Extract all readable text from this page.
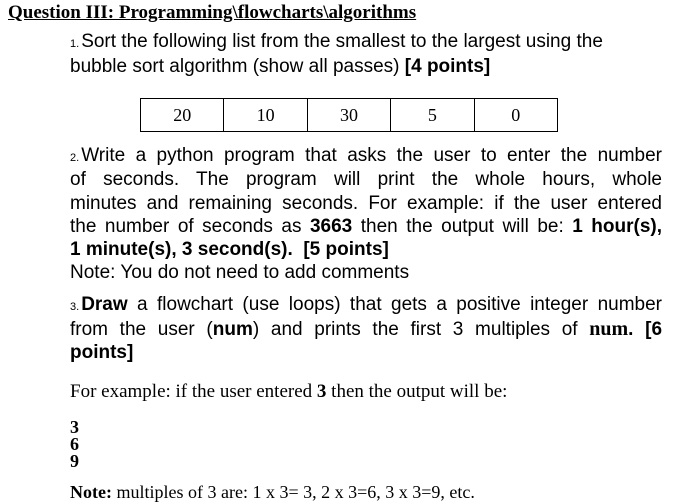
Question III: Programming\flowcharts\algorithms
1. Sort the following list from the smallest to the largest using the
bubble sort algorithm (show all passes) [4 points]
20	10	30	5	0
2. Write a python program that asks the user to enter the number
of seconds. The program will print the whole hours, whole
minutes and remaining seconds. For example: if the user entered
the number of seconds as 3663 then the output will be: 1 hour(s),
1 minute(s), 3 second(s). [5 points]
Note: You do not need to add comments
3. Draw a flowchart (use loops) that gets a positive integer number
from the user (num) and prints the first 3 multiples of num. [6
points]
For example: if the user entered 3 then the output will be:
3
6
9
Note: multiples of 3 are: 1 x 3= 3, 2 x 3=6, 3 x 3=9, etc.
